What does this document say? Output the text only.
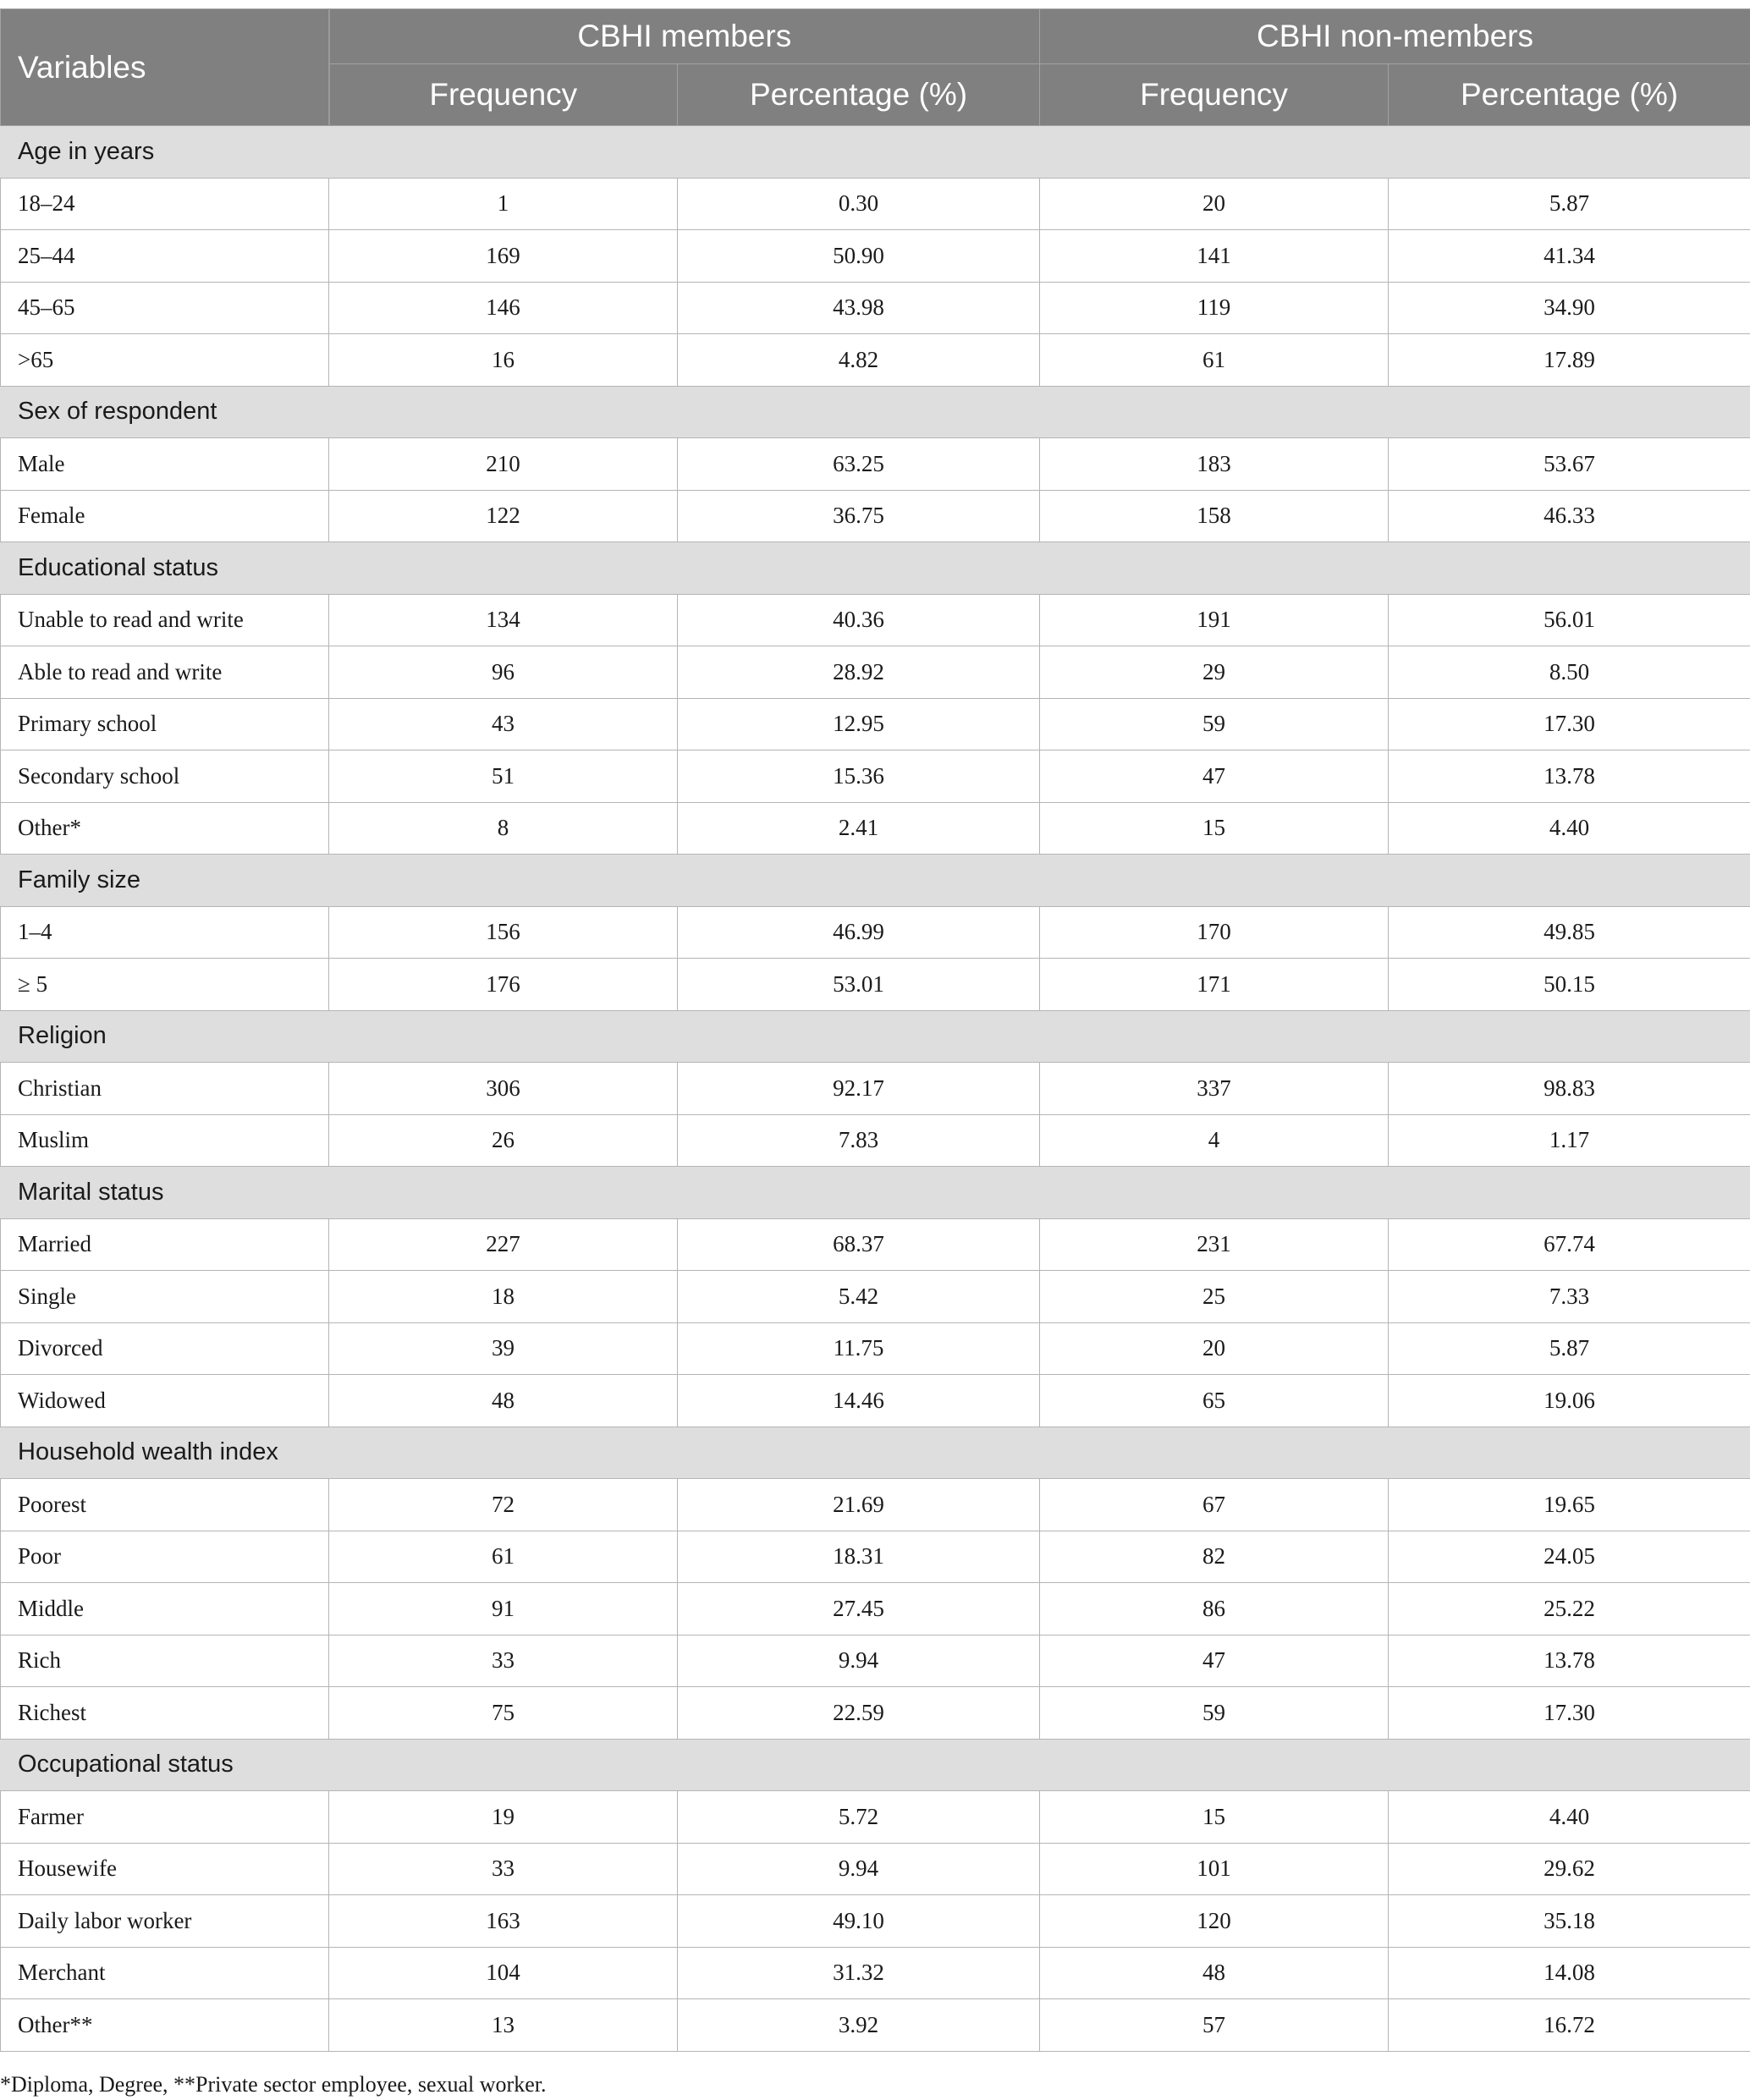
Variables	CBHI members		CBHI non-members	
	Frequency	Percentage (%)	Frequency	Percentage (%)
Age in years				
18–24	1	0.30	20	5.87
25–44	169	50.90	141	41.34
45–65	146	43.98	119	34.90
>65	16	4.82	61	17.89
Sex of respondent				
Male	210	63.25	183	53.67
Female	122	36.75	158	46.33
Educational status				
Unable to read and write	134	40.36	191	56.01
Able to read and write	96	28.92	29	8.50
Primary school	43	12.95	59	17.30
Secondary school	51	15.36	47	13.78
Other*	8	2.41	15	4.40
Family size				
1–4	156	46.99	170	49.85
≥ 5	176	53.01	171	50.15
Religion				
Christian	306	92.17	337	98.83
Muslim	26	7.83	4	1.17
Marital status				
Married	227	68.37	231	67.74
Single	18	5.42	25	7.33
Divorced	39	11.75	20	5.87
Widowed	48	14.46	65	19.06
Household wealth index				
Poorest	72	21.69	67	19.65
Poor	61	18.31	82	24.05
Middle	91	27.45	86	25.22
Rich	33	9.94	47	13.78
Richest	75	22.59	59	17.30
Occupational status				
Farmer	19	5.72	15	4.40
Housewife	33	9.94	101	29.62
Daily labor worker	163	49.10	120	35.18
Merchant	104	31.32	48	14.08
Other**	13	3.92	57	16.72
*Diploma, Degree, **Private sector employee, sexual worker.
